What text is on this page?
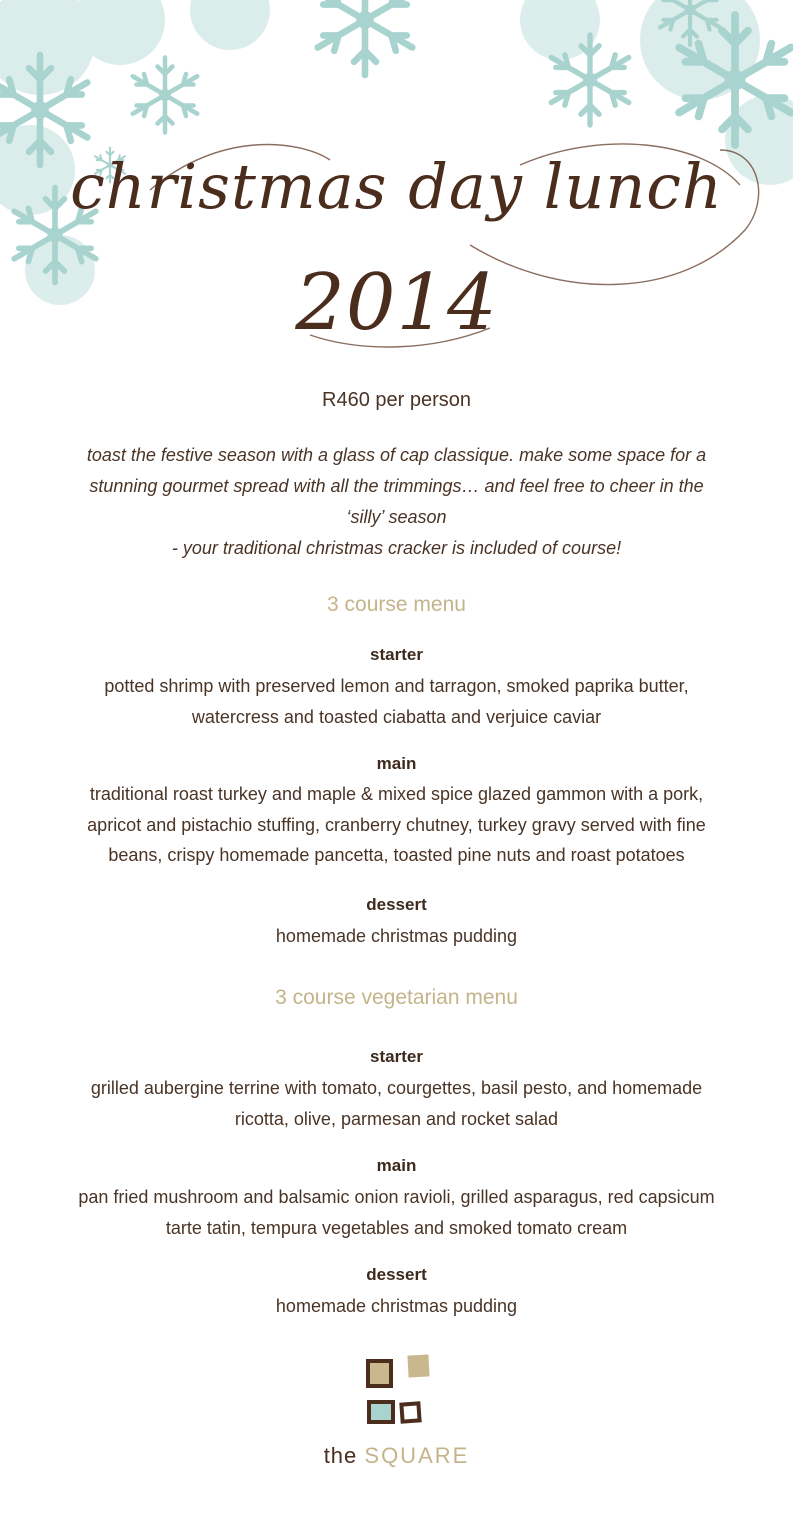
christmas day lunch
2014
R460 per person
toast the festive season with a glass of cap classique. make some space for a
stunning gourmet spread with all the trimmings… and feel free to cheer in the
‘silly’ season
- your traditional christmas cracker is included of course!
3 course menu
starter
potted shrimp with preserved lemon and tarragon, smoked paprika butter,
watercress and toasted ciabatta and verjuice caviar
main
traditional roast turkey and maple & mixed spice glazed gammon with a pork,
apricot and pistachio stuffing, cranberry chutney, turkey gravy served with fine
beans, crispy homemade pancetta, toasted pine nuts and roast potatoes
dessert
homemade christmas pudding
3 course vegetarian menu
starter
grilled aubergine terrine with tomato, courgettes, basil pesto, and homemade
ricotta, olive, parmesan and rocket salad
main
pan fried mushroom and balsamic onion ravioli, grilled asparagus, red capsicum
tarte tatin, tempura vegetables and smoked tomato cream
dessert
homemade christmas pudding
the SQUARE
